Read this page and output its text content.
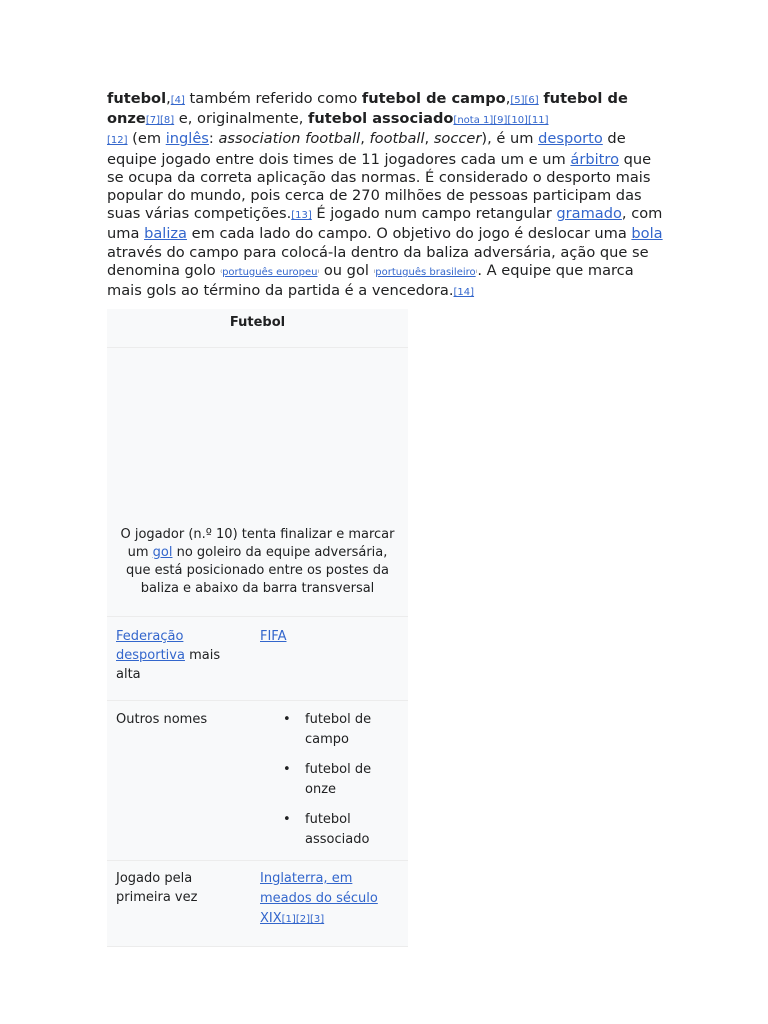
futebol,[4] também referido como futebol de campo,[5][6] futebol de onze[7][8] e, originalmente, futebol associado[nota 1][9][10][11]
[12] (em inglês: association football, football, soccer), é um desporto de equipe jogado entre dois times de 11 jogadores cada um e um árbitro que se ocupa da correta aplicação das normas. É considerado o desporto mais popular do mundo, pois cerca de 270 milhões de pessoas participam das suas várias competições.[13] É jogado num campo retangular gramado, com uma baliza em cada lado do campo. O objetivo do jogo é deslocar uma bola através do campo para colocá-la dentro da baliza adversária, ação que se denomina golo ⁽português europeu⁾ ou gol ⁽português brasileiro⁾. A equipe que marca mais gols ao término da partida é a vencedora.[14]

Futebol
O jogador (n.º 10) tenta finalizar e marcar um gol no goleiro da equipe adversária, que está posicionado entre os postes da baliza e abaixo da barra transversal
Federação desportiva mais alta
FIFA
Outros nomes	• futebol de campo
• futebol de onze
• futebol associado
Jogado pela primeira vez
Inglaterra, em meados do século XIX[1][2][3]
